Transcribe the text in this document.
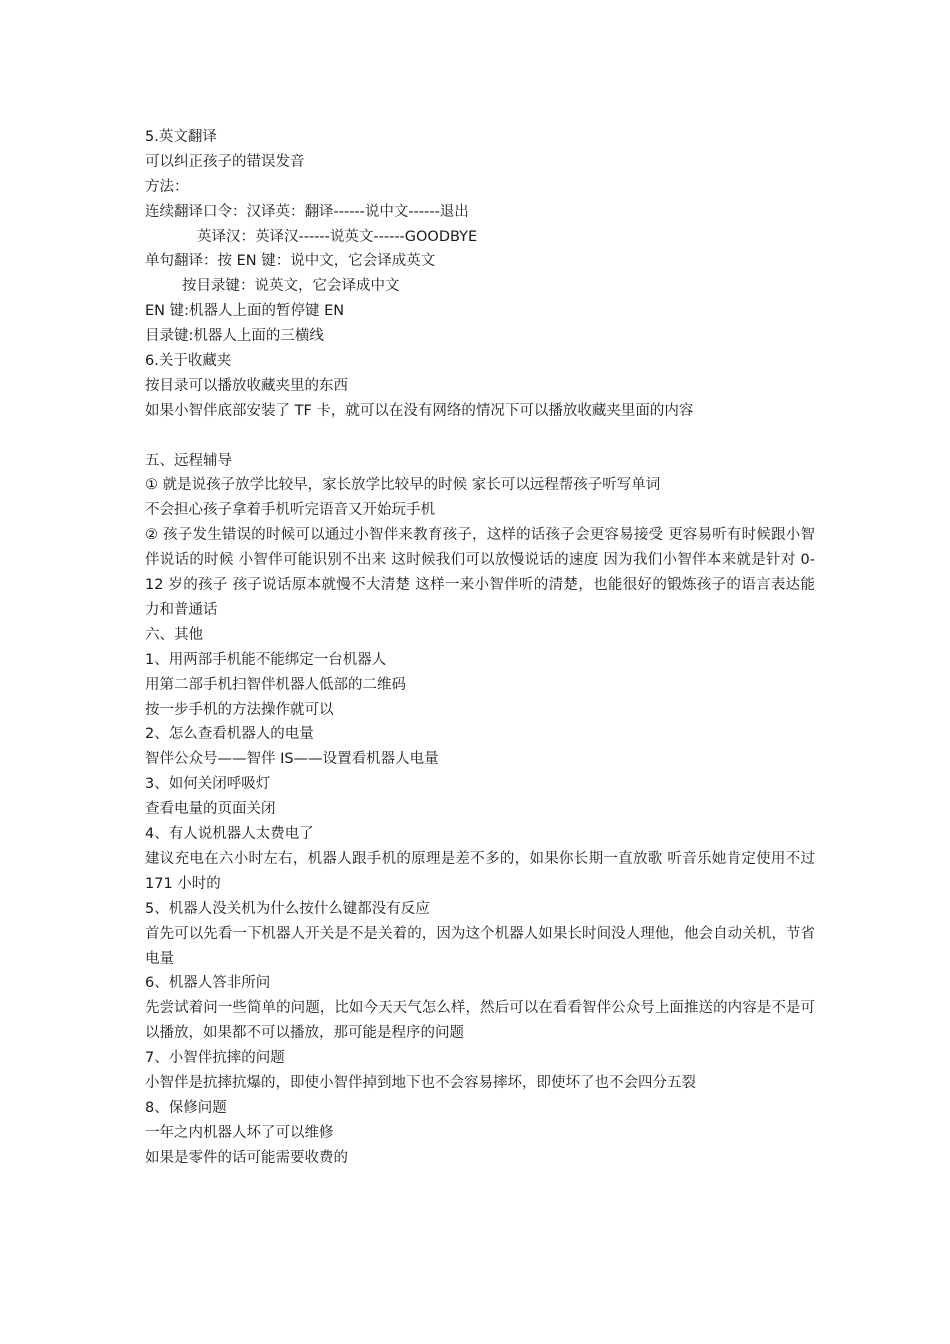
5.英文翻译
可以纠正孩子的错误发音
方法：
连续翻译口令：汉译英：翻译------说中文------退出
英译汉：英译汉------说英文------GOODBYE
单句翻译：按 EN 键：说中文，它会译成英文
按目录键：说英文，它会译成中文
EN 键:机器人上面的暂停键 EN
目录键:机器人上面的三横线
6.关于收藏夹
按目录可以播放收藏夹里的东西
如果小智伴底部安装了 TF 卡，就可以在没有网络的情况下可以播放收藏夹里面的内容
五、远程辅导
① 就是说孩子放学比较早，家长放学比较早的时候 家长可以远程帮孩子听写单词
不会担心孩子拿着手机听完语音又开始玩手机
② 孩子发生错误的时候可以通过小智伴来教育孩子，这样的话孩子会更容易接受 更容易听有时候跟小智伴说话的时候 小智伴可能识别不出来 这时候我们可以放慢说话的速度 因为我们小智伴本来就是针对 0-12 岁的孩子 孩子说话原本就慢不大清楚 这样一来小智伴听的清楚，也能很好的锻炼孩子的语言表达能力和普通话
六、其他
1、用两部手机能不能绑定一台机器人
用第二部手机扫智伴机器人低部的二维码
按一步手机的方法操作就可以
2、怎么查看机器人的电量
智伴公众号——智伴 IS——设置看机器人电量
3、如何关闭呼吸灯
查看电量的页面关闭
4、有人说机器人太费电了
建议充电在六小时左右，机器人跟手机的原理是差不多的，如果你长期一直放歌 听音乐她肯定使用不过 171 小时的
5、机器人没关机为什么按什么键都没有反应
首先可以先看一下机器人开关是不是关着的，因为这个机器人如果长时间没人理他，他会自动关机，节省电量
6、机器人答非所问
先尝试着问一些简单的问题，比如今天天气怎么样，然后可以在看看智伴公众号上面推送的内容是不是可以播放，如果都不可以播放，那可能是程序的问题
7、小智伴抗摔的问题
小智伴是抗摔抗爆的，即使小智伴掉到地下也不会容易摔坏，即使坏了也不会四分五裂
8、保修问题
一年之内机器人坏了可以维修
如果是零件的话可能需要收费的
